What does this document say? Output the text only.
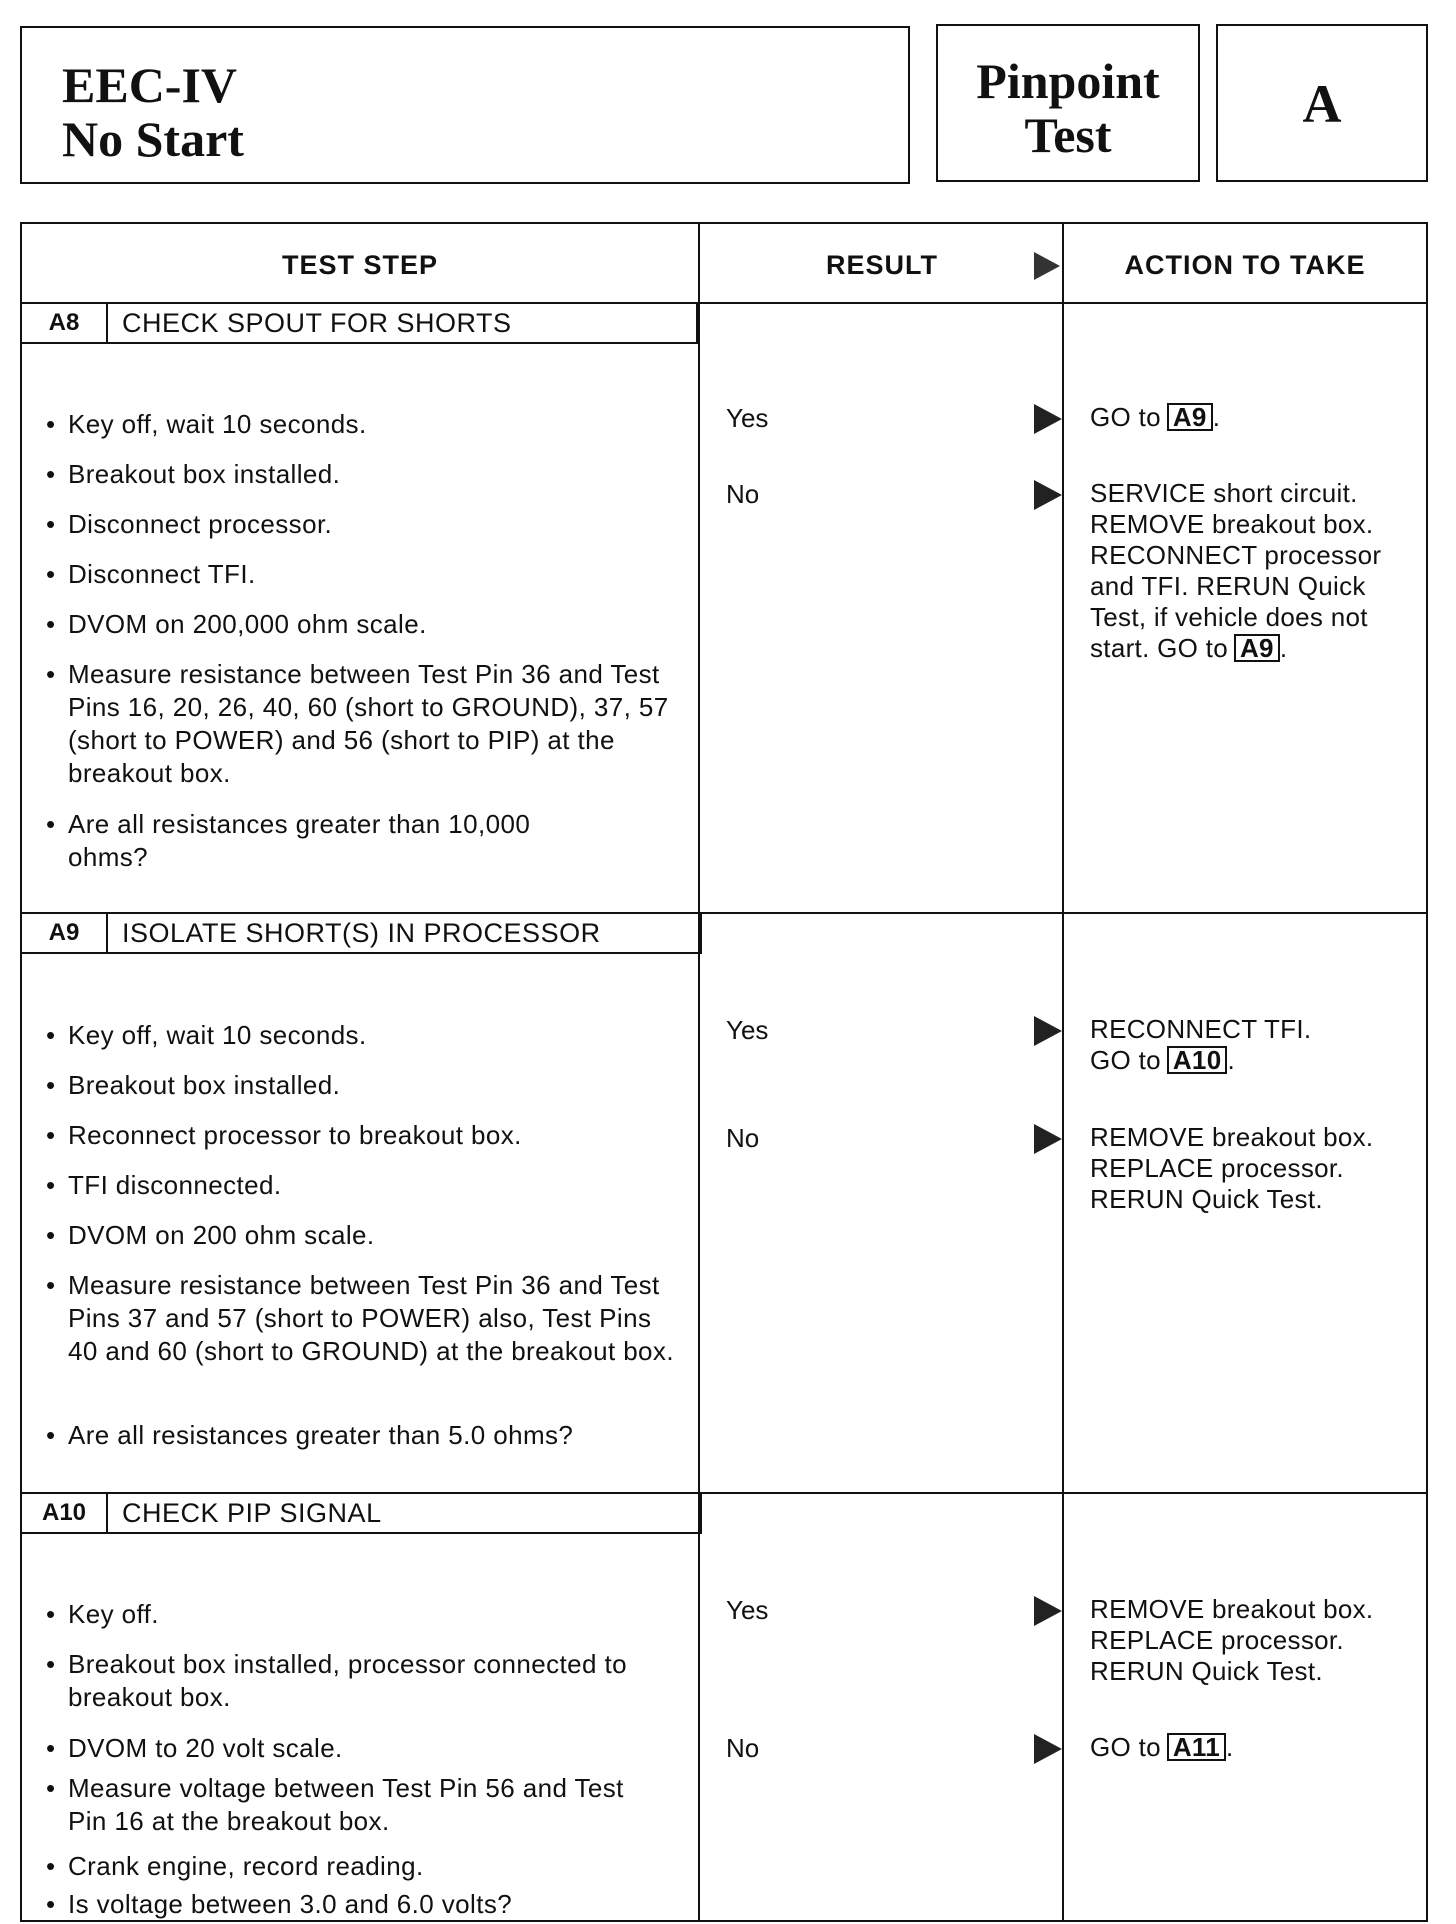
EEC-IV
No Start
Pinpoint
Test
A
TEST STEP	RESULT	ACTION TO TAKE
A8	CHECK SPOUT FOR SHORTS
• Key off, wait 10 seconds.
• Breakout box installed.
• Disconnect processor.
• Disconnect TFI.
• DVOM on 200,000 ohm scale.
• Measure resistance between Test Pin 36 and Test Pins 16, 20, 26, 40, 60 (short to GROUND), 37, 57 (short to POWER) and 56 (short to PIP) at the breakout box.
• Are all resistances greater than 10,000 ohms?
Yes	GO to A9 .
No	SERVICE short circuit. REMOVE breakout box. RECONNECT processor and TFI. RERUN Quick Test, if vehicle does not start. GO to A9 .
A9	ISOLATE SHORT(S) IN PROCESSOR
• Key off, wait 10 seconds.
• Breakout box installed.
• Reconnect processor to breakout box.
• TFI disconnected.
• DVOM on 200 ohm scale.
• Measure resistance between Test Pin 36 and Test Pins 37 and 57 (short to POWER) also, Test Pins 40 and 60 (short to GROUND) at the breakout box.
• Are all resistances greater than 5.0 ohms?
Yes	RECONNECT TFI. GO to A10 .
No	REMOVE breakout box. REPLACE processor. RERUN Quick Test.
A10	CHECK PIP SIGNAL
• Key off.
• Breakout box installed, processor connected to breakout box.
• DVOM to 20 volt scale.
• Measure voltage between Test Pin 56 and Test Pin 16 at the breakout box.
• Crank engine, record reading.
• Is voltage between 3.0 and 6.0 volts?
Yes	REMOVE breakout box. REPLACE processor. RERUN Quick Test.
No	GO to A11 .
